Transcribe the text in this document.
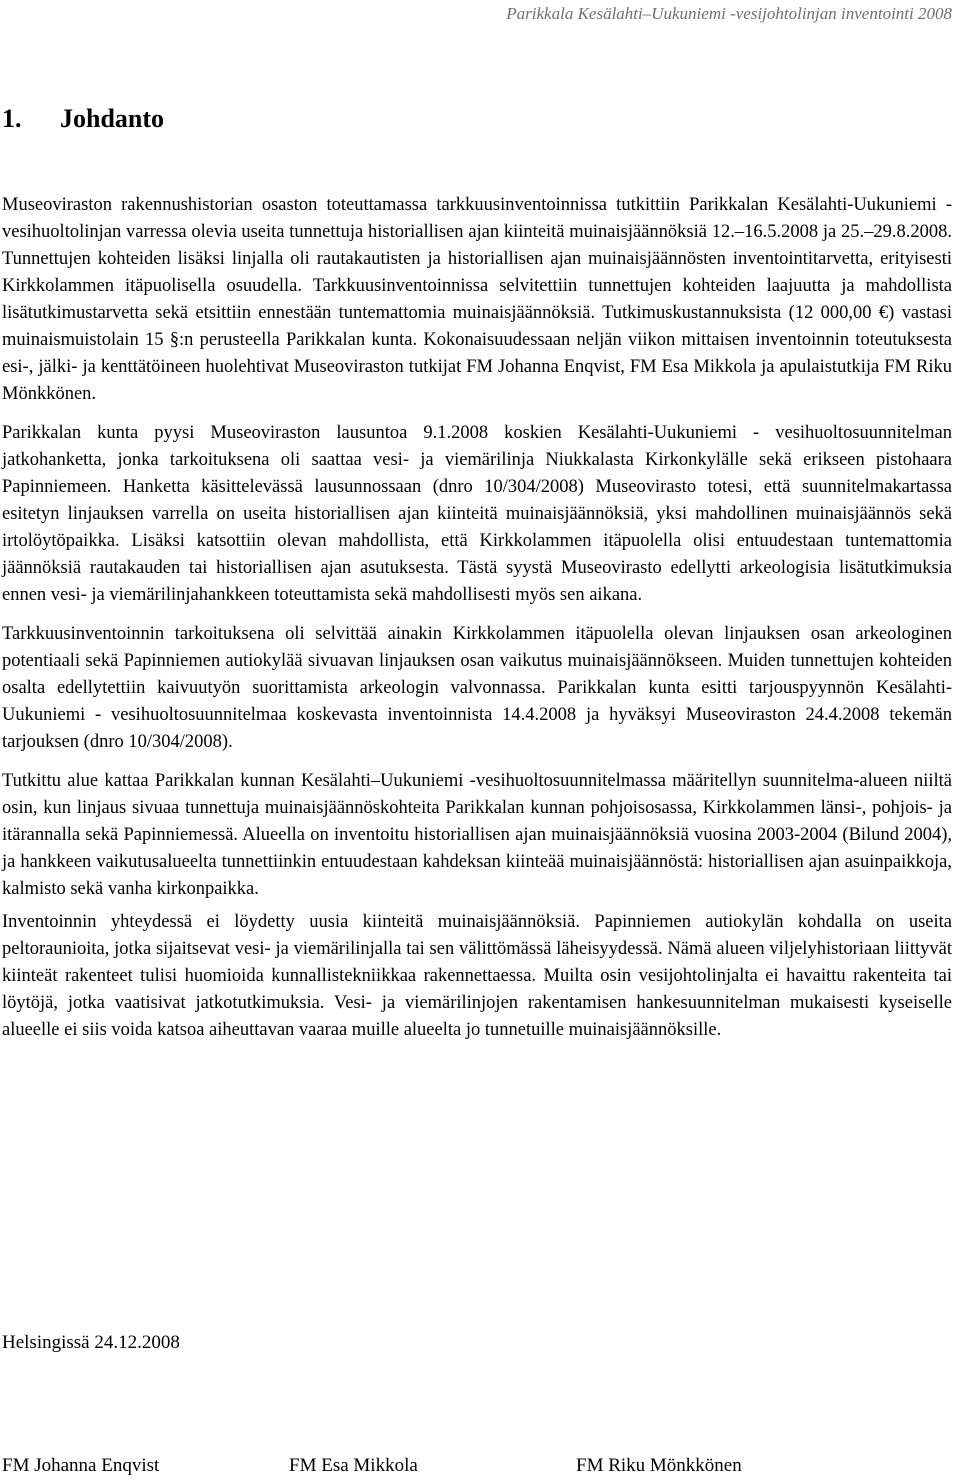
Parikkala Kesälahti–Uukuniemi -vesijohtolinjan inventointi 2008
1. Johdanto

Museoviraston rakennushistorian osaston toteuttamassa tarkkuusinventoinnissa tutkittiin Parikkalan Kesälahti-Uukuniemi -vesihuoltolinjan varressa olevia useita tunnettuja historiallisen ajan kiinteitä muinaisjäännöksiä 12.–16.5.2008 ja 25.–29.8.2008. Tunnettujen kohteiden lisäksi linjalla oli rautakautisten ja historiallisen ajan muinaisjäännösten inventointitarvetta, erityisesti Kirkkolammen itäpuolisella osuudella. Tarkkuusinventoinnissa selvitettiin tunnettujen kohteiden laajuutta ja mahdollista lisätutkimustarvetta sekä etsittiin ennestään tuntemattomia muinaisjäännöksiä. Tutkimuskustannuksista (12 000,00 €) vastasi muinaismuistolain 15 §:n perusteella Parikkalan kunta. Kokonaisuudessaan neljän viikon mittaisen inventoinnin toteutuksesta esi-, jälki- ja kenttätöineen huolehtivat Museoviraston tutkijat FM Johanna Enqvist, FM Esa Mikkola ja apulaistutkija FM Riku Mönkkönen.

Parikkalan kunta pyysi Museoviraston lausuntoa 9.1.2008 koskien Kesälahti-Uukuniemi - vesihuoltosuunnitelman jatkohanketta, jonka tarkoituksena oli saattaa vesi- ja viemärilinja Niukkalasta Kirkonkylälle sekä erikseen pistohaara Papinniemeen. Hanketta käsittelevässä lausunnossaan (dnro 10/304/2008) Museovirasto totesi, että suunnitelmakartassa esitetyn linjauksen varrella on useita historiallisen ajan kiinteitä muinaisjäännöksiä, yksi mahdollinen muinaisjäännös sekä irtolöytöpaikka. Lisäksi katsottiin olevan mahdollista, että Kirkkolammen itäpuolella olisi entuudestaan tuntemattomia jäännöksiä rautakauden tai historiallisen ajan asutuksesta. Tästä syystä Museovirasto edellytti arkeologisia lisätutkimuksia ennen vesi- ja viemärilinjahankkeen toteuttamista sekä mahdollisesti myös sen aikana.

Tarkkuusinventoinnin tarkoituksena oli selvittää ainakin Kirkkolammen itäpuolella olevan linjauksen osan arkeologinen potentiaali sekä Papinniemen autiokylää sivuavan linjauksen osan vaikutus muinaisjäännökseen. Muiden tunnettujen kohteiden osalta edellytettiin kaivuutyön suorittamista arkeologin valvonnassa. Parikkalan kunta esitti tarjouspyynnön Kesälahti-Uukuniemi - vesihuoltosuunnitelmaa koskevasta inventoinnista 14.4.2008 ja hyväksyi Museoviraston 24.4.2008 tekemän tarjouksen (dnro 10/304/2008).

Tutkittu alue kattaa Parikkalan kunnan Kesälahti–Uukuniemi -vesihuoltosuunnitelmassa määritellyn suunnitelma-alueen niiltä osin, kun linjaus sivuaa tunnettuja muinaisjäännöskohteita Parikkalan kunnan pohjoisosassa, Kirkkolammen länsi-, pohjois- ja itärannalla sekä Papinniemessä. Alueella on inventoitu historiallisen ajan muinaisjäännöksiä vuosina 2003-2004 (Bilund 2004), ja hankkeen vaikutusalueelta tunnettiinkin entuudestaan kahdeksan kiinteää muinaisjäännöstä: historiallisen ajan asuinpaikkoja, kalmisto sekä vanha kirkonpaikka.

Inventoinnin yhteydessä ei löydetty uusia kiinteitä muinaisjäännöksiä. Papinniemen autiokylän kohdalla on useita peltoraunioita, jotka sijaitsevat vesi- ja viemärilinjalla tai sen välittömässä läheisyydessä. Nämä alueen viljelyhistoriaan liittyvät kiinteät rakenteet tulisi huomioida kunnallistekniikkaa rakennettaessa. Muilta osin vesijohtolinjalta ei havaittu rakenteita tai löytöjä, jotka vaatisivat jatkotutkimuksia. Vesi- ja viemärilinjojen rakentamisen hankesuunnitelman mukaisesti kyseiselle alueelle ei siis voida katsoa aiheuttavan vaaraa muille alueelta jo tunnetuille muinaisjäännöksille.

Helsingissä 24.12.2008
FM Johanna Enqvist	FM Esa Mikkola	FM Riku Mönkkönen
